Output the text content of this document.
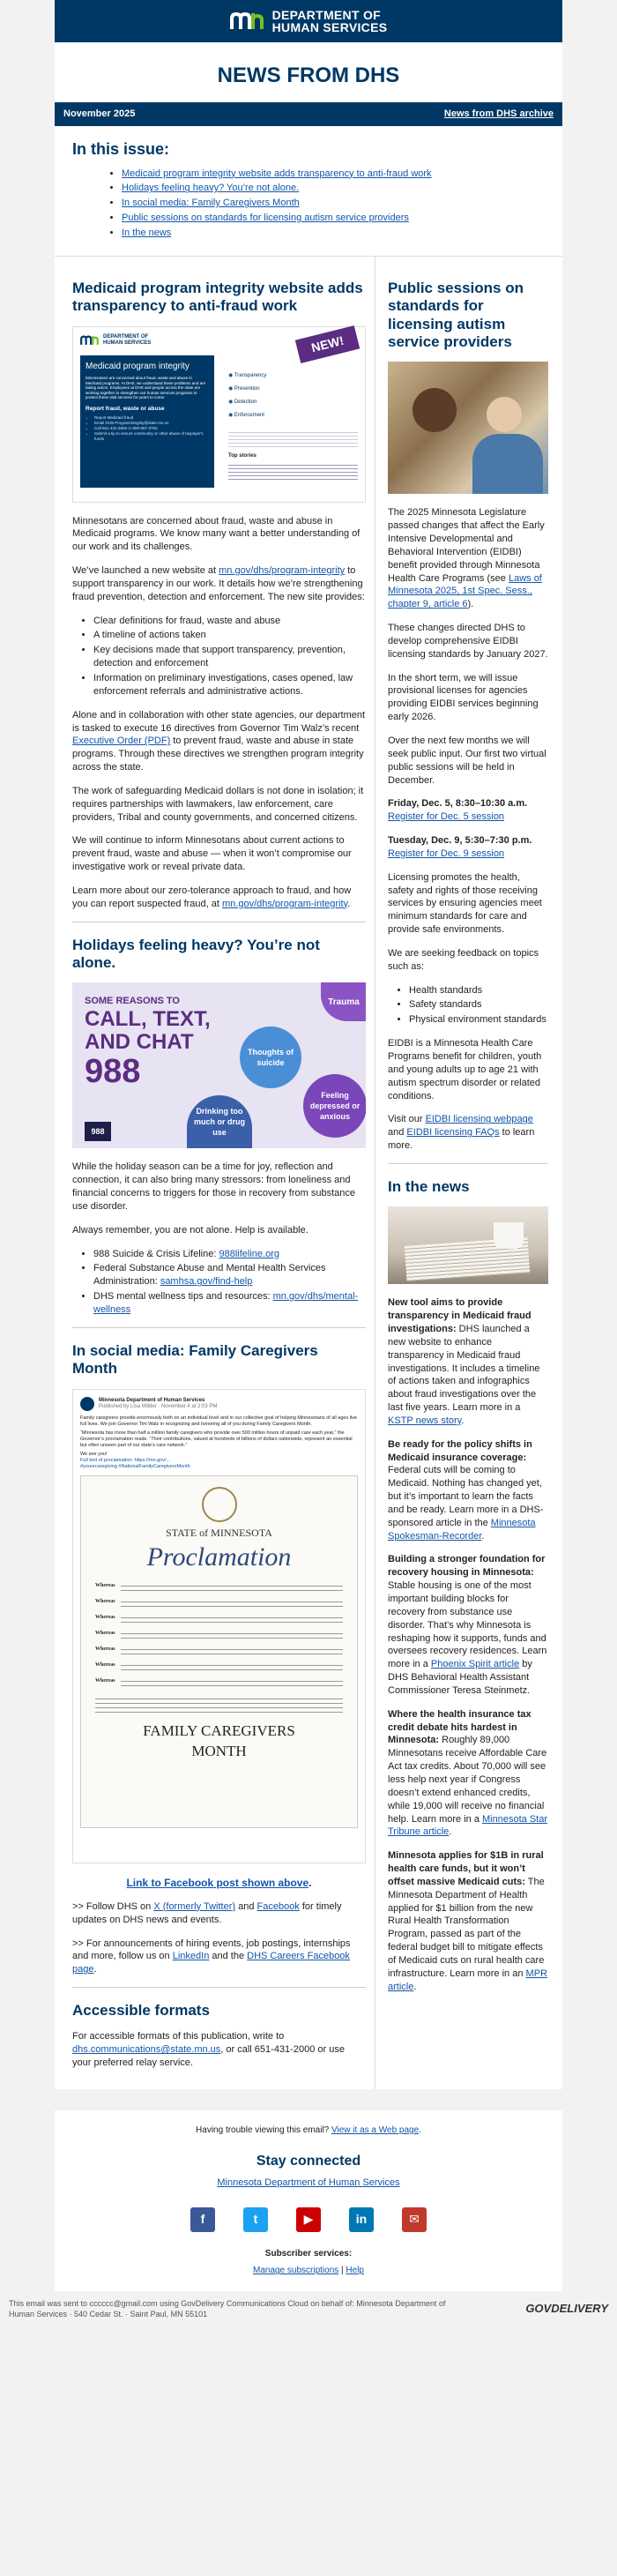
DEPARTMENT OF
HUMAN SERVICES
NEWS FROM DHS
November 2025	News from DHS archive
In this issue:
• Medicaid program integrity website adds transparency to anti-fraud work
• Holidays feeling heavy? You’re not alone.
• In social media: Family Caregivers Month
• Public sessions on standards for licensing autism service providers
• In the news
Medicaid program integrity website adds transparency to anti-fraud work
DEPARTMENT OF
HUMAN SERVICES
Medicaid program integrity
Minnesotans are concerned about fraud, waste and abuse in Medicaid programs. At DHS, we understand these problems and are taking action. Employees at DHS and people across the state are working together to strengthen our human services programs to protect these vital services for years to come.
Report fraud, waste or abuse
• Report Medicaid fraud
• Email DHS.ProgramIntegrity@state.mn.us
• Call 651-431-3600 or 800-657-3750
• Submit a tip to ensure community or other abuse of taxpayer's funds
NEW!
◉ Transparency
◉ Prevention
◉ Detection
◉ Enforcement
Top stories

Minnesotans are concerned about fraud, waste and abuse in Medicaid programs. We know many want a better understanding of our work and its challenges.

We’ve launched a new website at mn.gov/dhs/program-integrity to support transparency in our work. It details how we’re strengthening fraud prevention, detection and enforcement. The new site provides:

• Clear definitions for fraud, waste and abuse
• A timeline of actions taken
• Key decisions made that support transparency, prevention, detection and enforcement
• Information on preliminary investigations, cases opened, law enforcement referrals and administrative actions.

Alone and in collaboration with other state agencies, our department is tasked to execute 16 directives from Governor Tim Walz’s recent Executive Order (PDF) to prevent fraud, waste and abuse in state programs. Through these directives we strengthen program integrity across the state.

The work of safeguarding Medicaid dollars is not done in isolation; it requires partnerships with lawmakers, law enforcement, care providers, Tribal and county governments, and concerned citizens.

We will continue to inform Minnesotans about current actions to prevent fraud, waste and abuse — when it won’t compromise our investigative work or reveal private data.

Learn more about our zero-tolerance approach to fraud, and how you can report suspected fraud, at mn.gov/dhs/program-integrity.

Holidays feeling heavy? You’re not alone.
SOME REASONS TO
CALL, TEXT,
AND CHAT
988
Trauma
Thoughts of suicide
Feeling depressed or anxious
Drinking too much or drug use
988

While the holiday season can be a time for joy, reflection and connection, it can also bring many stressors: from loneliness and financial concerns to triggers for those in recovery from substance use disorder.

Always remember, you are not alone. Help is available.

• 988 Suicide & Crisis Lifeline: 988lifeline.org
• Federal Substance Abuse and Mental Health Services Administration: samhsa.gov/find-help
• DHS mental wellness tips and resources: mn.gov/dhs/mental-wellness
In social media: Family Caregivers Month
Minnesota Department of Human Services
Published by Lisa Wilder · November 4 at 2:03 PM
Family caregivers provide enormously both on an individual level and in our collective goal of helping Minnesotans of all ages live full lives. We join Governor Tim Walz in recognizing and honoring all of you during Family Caregivers Month.
“Minnesota has more than half a million family caregivers who provide over 500 million hours of unpaid care each year,” the Governor’s proclamation reads. “Their contributions, valued at hundreds of billions of dollars nationwide, represent an essential but often unseen part of our state’s care network.”
We see you!
Full text of proclamation: https://mn.gov/...
#yourecaregiving #NationalFamilyCaregiversMonth
STATE of MINNESOTA
Proclamation
Whereas
Whereas
Whereas
Whereas
Whereas
Whereas
Whereas
FAMILY CAREGIVERS
MONTH

Link to Facebook post shown above.

>> Follow DHS on X (formerly Twitter) and Facebook for timely updates on DHS news and events.

>> For announcements of hiring events, job postings, internships and more, follow us on LinkedIn and the DHS Careers Facebook page.

Accessible formats

For accessible formats of this publication, write to dhs.communications@state.mn.us, or call 651-431-2000 or use your preferred relay service.

Public sessions on standards for licensing autism service providers

The 2025 Minnesota Legislature passed changes that affect the Early Intensive Developmental and Behavioral Intervention (EIDBI) benefit provided through Minnesota Health Care Programs (see Laws of Minnesota 2025, 1st Spec. Sess., chapter 9, article 6).

These changes directed DHS to develop comprehensive EIDBI licensing standards by January 2027.

In the short term, we will issue provisional licenses for agencies providing EIDBI services beginning early 2026.

Over the next few months we will seek public input. Our first two virtual public sessions will be held in December.

Friday, Dec. 5, 8:30–10:30 a.m.
Register for Dec. 5 session

Tuesday, Dec. 9, 5:30–7:30 p.m.
Register for Dec. 9 session

Licensing promotes the health, safety and rights of those receiving services by ensuring agencies meet minimum standards for care and provide safe environments.

We are seeking feedback on topics such as:

• Health standards
• Safety standards
• Physical environment standards

EIDBI is a Minnesota Health Care Programs benefit for children, youth and young adults up to age 21 with autism spectrum disorder or related conditions.

Visit our EIDBI licensing webpage and EIDBI licensing FAQs to learn more.

In the news
New tool aims to provide transparency in Medicaid fraud investigations: DHS launched a new website to enhance transparency in Medicaid fraud investigations. It includes a timeline of actions taken and infographics about fraud investigations over the last five years. Learn more in a KSTP news story.
Be ready for the policy shifts in Medicaid insurance coverage: Federal cuts will be coming to Medicaid. Nothing has changed yet, but it’s important to learn the facts and be ready. Learn more in a DHS-sponsored article in the Minnesota Spokesman-Recorder.
Building a stronger foundation for recovery housing in Minnesota: Stable housing is one of the most important building blocks for recovery from substance use disorder. That’s why Minnesota is reshaping how it supports, funds and oversees recovery residences. Learn more in a Phoenix Spirit article by DHS Behavioral Health Assistant Commissioner Teresa Steinmetz.
Where the health insurance tax credit debate hits hardest in Minnesota: Roughly 89,000 Minnesotans receive Affordable Care Act tax credits. About 70,000 will see less help next year if Congress doesn’t extend enhanced credits, while 19,000 will receive no financial help. Learn more in a Minnesota Star Tribune article.
Minnesota applies for $1B in rural health care funds, but it won’t offset massive Medicaid cuts: The Minnesota Department of Health applied for $1 billion from the new Rural Health Transformation Program, passed as part of the federal budget bill to mitigate effects of Medicaid cuts on rural health care infrastructure. Learn more in an MPR article.
Having trouble viewing this email? View it as a Web page.
Stay connected
Minnesota Department of Human Services
f	t	▶	in	✉
Subscriber services:
Manage subscriptions | Help
This email was sent to cccccc@gmail.com using GovDelivery Communications Cloud on behalf of: Minnesota Department of Human Services · 540 Cedar St. · Saint Paul, MN 55101	GOVDELIVERY
